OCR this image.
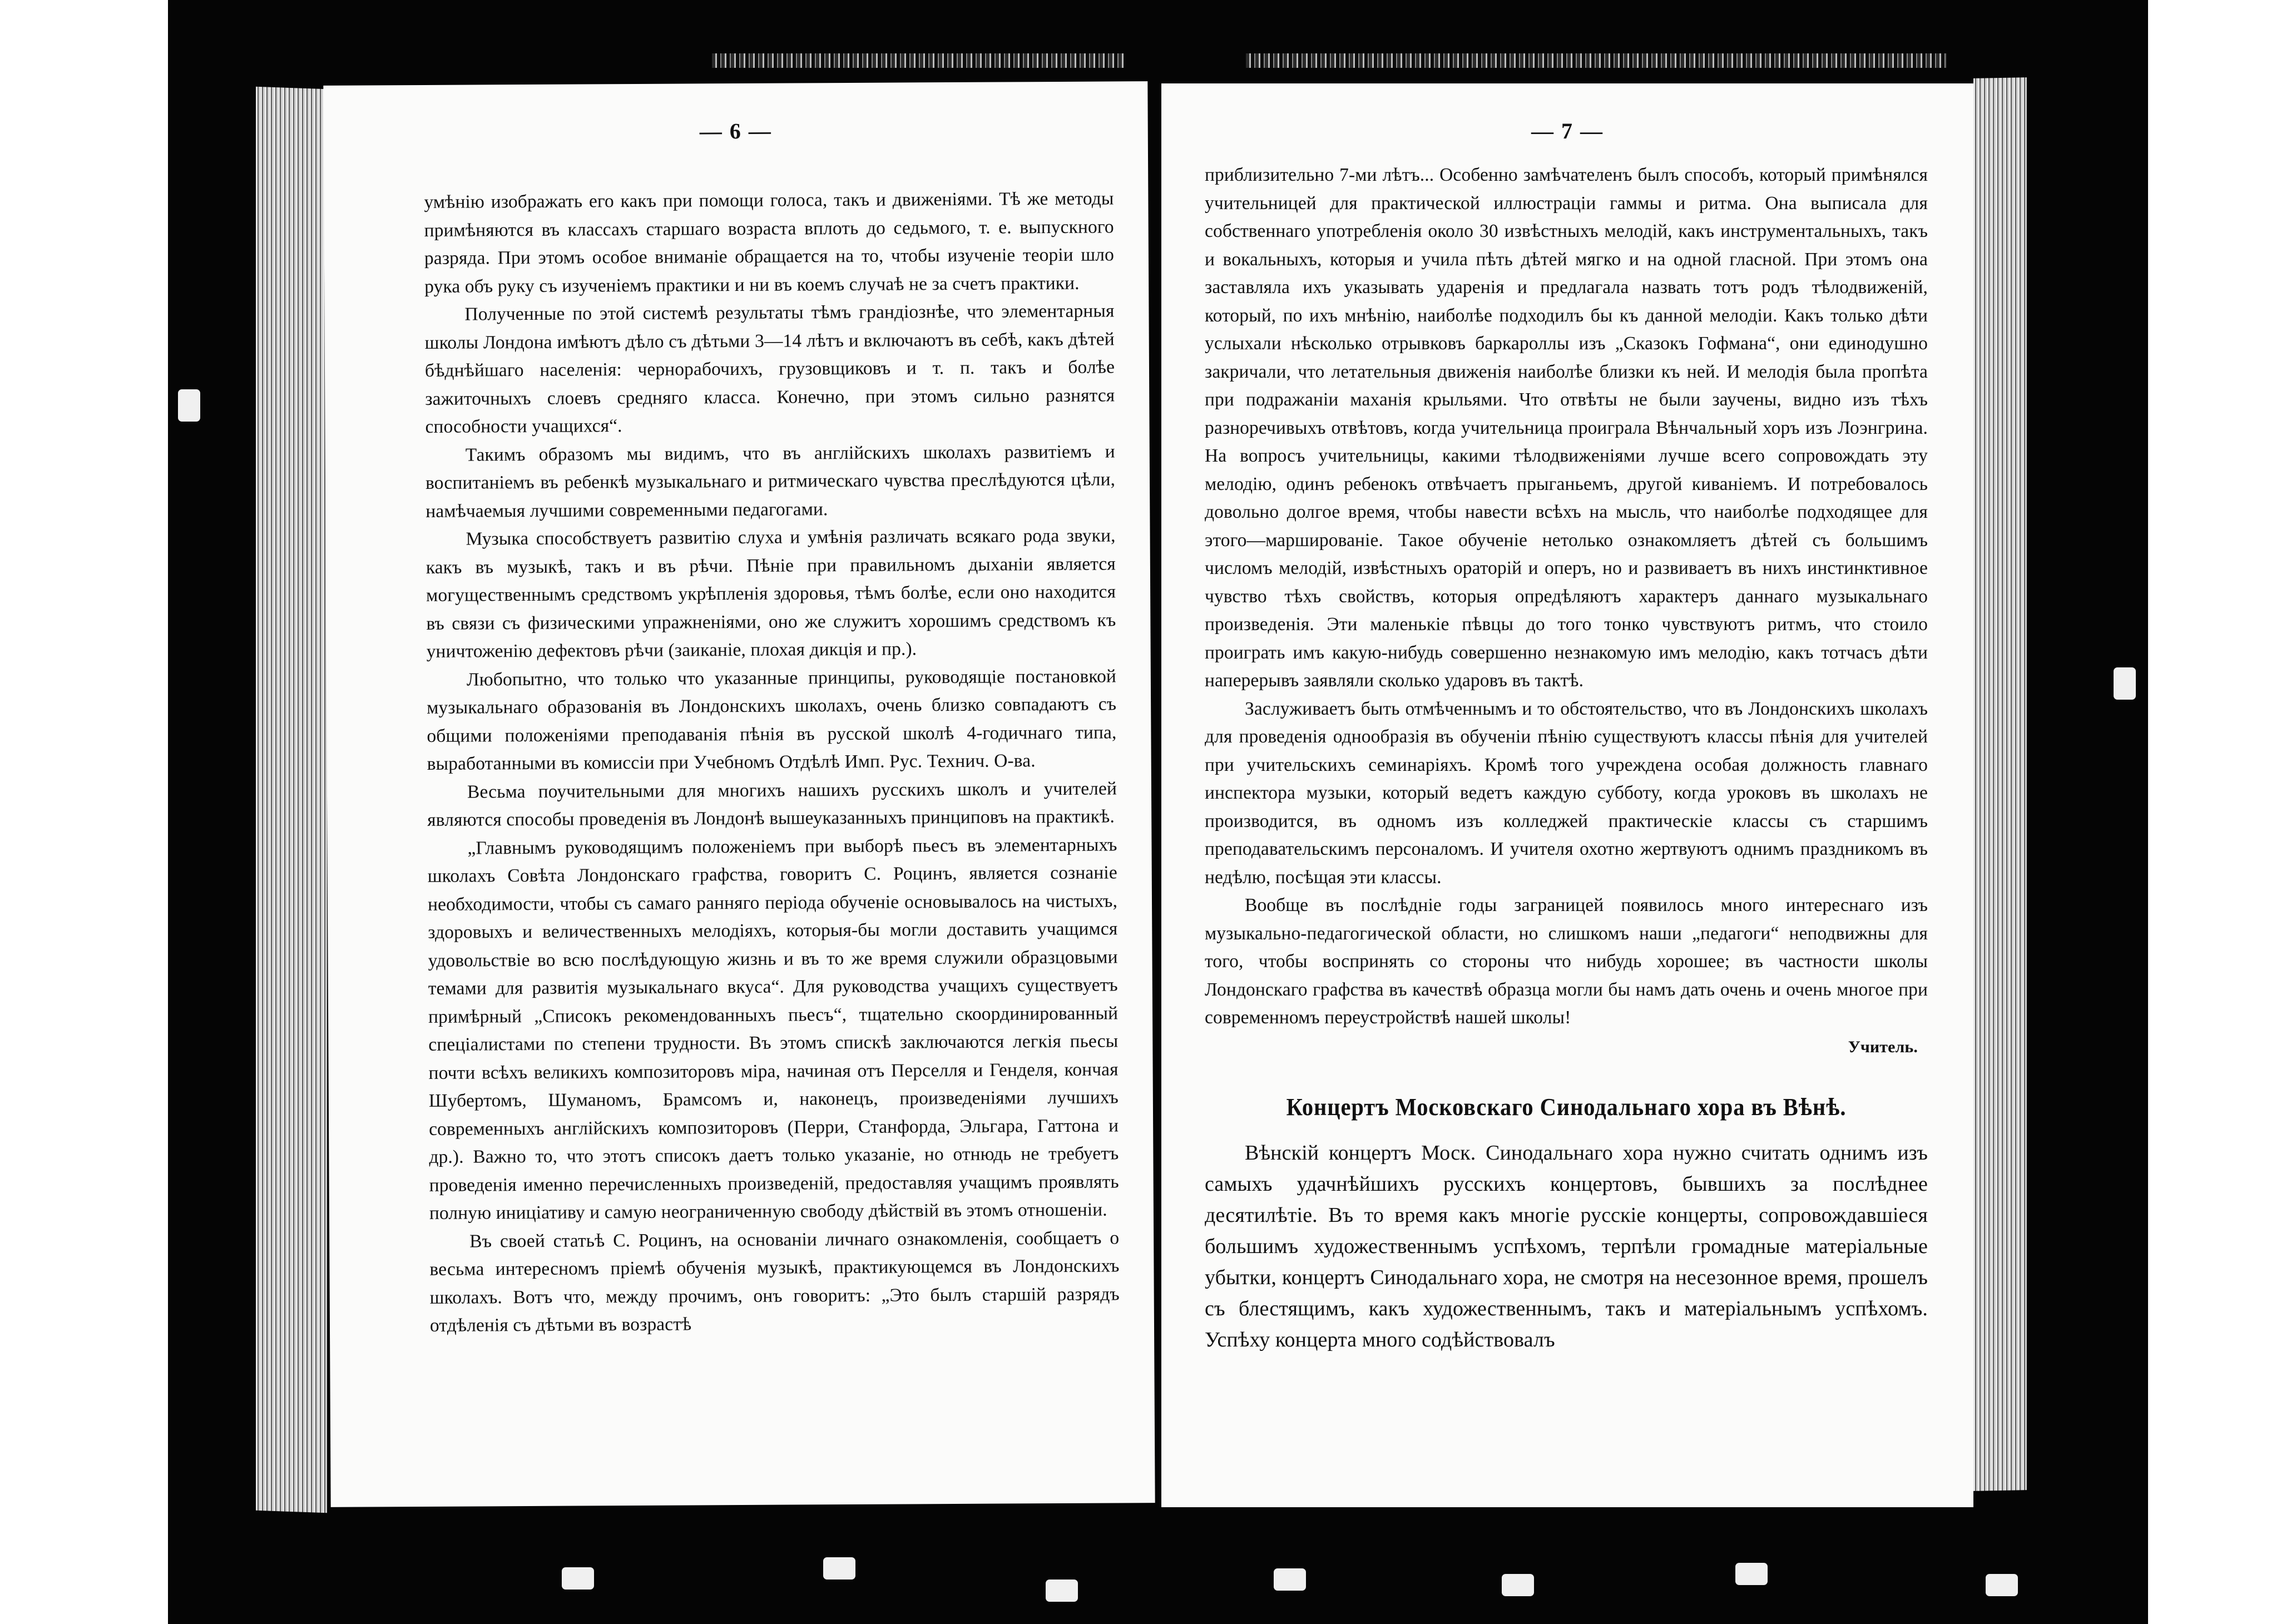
— 6 —

умѣнію изображать его какъ при помощи голоса, такъ и движеніями. Тѣ же методы примѣняются въ классахъ старшаго возраста вплоть до седьмого, т. е. выпускного разряда. При этомъ особое вниманіе обращается на то, чтобы изученіе теоріи шло рука объ руку съ изученіемъ практики и ни въ коемъ случаѣ не за счетъ практики.

Полученные по этой системѣ результаты тѣмъ грандіознѣе, что элементарныя школы Лондона имѣютъ дѣло съ дѣтьми 3—14 лѣтъ и включаютъ въ себѣ, какъ дѣтей бѣднѣйшаго населенія: чернорабочихъ, грузовщиковъ и т. п. такъ и болѣе зажиточныхъ слоевъ средняго класса. Конечно, при этомъ сильно разнятся способности учащихся“.

Такимъ образомъ мы видимъ, что въ англійскихъ школахъ развитіемъ и воспитаніемъ въ ребенкѣ музыкальнаго и ритмическаго чувства преслѣдуются цѣли, намѣчаемыя лучшими современными педагогами.

Музыка способствуетъ развитію слуха и умѣнія различать всякаго рода звуки, какъ въ музыкѣ, такъ и въ рѣчи. Пѣніе при правильномъ дыханіи является могущественнымъ средствомъ укрѣпленія здоровья, тѣмъ болѣе, если оно находится въ связи съ физическими упражненіями, оно же служитъ хорошимъ средствомъ къ уничтоженію дефектовъ рѣчи (заиканіе, плохая дикція и пр.).

Любопытно, что только что указанные принципы, руководящіе постановкой музыкальнаго образованія въ Лондонскихъ школахъ, очень близко совпадаютъ съ общими положеніями преподаванія пѣнія въ русской школѣ 4-годичнаго типа, выработанными въ комиссіи при Учебномъ Отдѣлѣ Имп. Рус. Технич. О-ва.

Весьма поучительными для многихъ нашихъ русскихъ школъ и учителей являются способы проведенія въ Лондонѣ вышеуказанныхъ принциповъ на практикѣ.

„Главнымъ руководящимъ положеніемъ при выборѣ пьесъ въ элементарныхъ школахъ Совѣта Лондонскаго графства, говоритъ С. Роцинъ, является сознаніе необходимости, чтобы съ самаго ранняго періода обученіе основывалось на чистыхъ, здоровыхъ и величественныхъ мелодіяхъ, которыя-бы могли доставить учащимся удовольствіе во всю послѣдующую жизнь и въ то же время служили образцовыми темами для развитія музыкальнаго вкуса“. Для руководства учащихъ существуетъ примѣрный „Списокъ рекомендованныхъ пьесъ“, тщательно скоординированный спеціалистами по степени трудности. Въ этомъ спискѣ заключаются легкія пьесы почти всѣхъ великихъ композиторовъ міра, начиная отъ Перселля и Генделя, кончая Шубертомъ, Шуманомъ, Брамсомъ и, наконецъ, произведеніями лучшихъ современныхъ англійскихъ композиторовъ (Перри, Станфорда, Эльгара, Гаттона и др.). Важно то, что этотъ списокъ даетъ только указаніе, но отнюдь не требуетъ проведенія именно перечисленныхъ произведеній, предоставляя учащимъ проявлять полную иниціативу и самую неограниченную свободу дѣйствій въ этомъ отношеніи.

Въ своей статьѣ С. Роцинъ, на основаніи личнаго ознакомленія, сообщаетъ о весьма интересномъ пріемѣ обученія музыкѣ, практикующемся въ Лондонскихъ школахъ. Вотъ что, между прочимъ, онъ говоритъ: „Это былъ старшій разрядъ отдѣленія съ дѣтьми въ возрастѣ

— 7 —

приблизительно 7-ми лѣтъ... Особенно замѣчателенъ былъ способъ, который примѣнялся учительницей для практической иллюстраціи гаммы и ритма. Она выписала для собственнаго употребленія около 30 извѣстныхъ мелодій, какъ инструментальныхъ, такъ и вокальныхъ, которыя и учила пѣть дѣтей мягко и на одной гласной. При этомъ она заставляла ихъ указывать ударенія и предлагала назвать тотъ родъ тѣлодвиженій, который, по ихъ мнѣнію, наиболѣе подходилъ бы къ данной мелодіи. Какъ только дѣти услыхали нѣсколько отрывковъ баркароллы изъ „Сказокъ Гофмана“, они единодушно закричали, что летательныя движенія наиболѣе близки къ ней. И мелодія была пропѣта при подражаніи маханія крыльями. Что отвѣты не были заучены, видно изъ тѣхъ разноречивыхъ отвѣтовъ, когда учительница проиграла Вѣнчальный хоръ изъ Лоэнгрина. На вопросъ учительницы, какими тѣлодвиженіями лучше всего сопровождать эту мелодію, одинъ ребенокъ отвѣчаетъ прыганьемъ, другой киваніемъ. И потребовалось довольно долгое время, чтобы навести всѣхъ на мысль, что наиболѣе подходящее для этого—маршированіе. Такое обученіе нетолько ознакомляетъ дѣтей съ большимъ числомъ мелодій, извѣстныхъ ораторій и оперъ, но и развиваетъ въ нихъ инстинктивное чувство тѣхъ свойствъ, которыя опредѣляютъ характеръ даннаго музыкальнаго произведенія. Эти маленькіе пѣвцы до того тонко чувствуютъ ритмъ, что стоило проиграть имъ какую-нибудь совершенно незнакомую имъ мелодію, какъ тотчасъ дѣти наперерывъ заявляли сколько ударовъ въ тактѣ.

Заслуживаетъ быть отмѣченнымъ и то обстоятельство, что въ Лондонскихъ школахъ для проведенія однообразія въ обученіи пѣнію существуютъ классы пѣнія для учителей при учительскихъ семинаріяхъ. Кромѣ того учреждена особая должность главнаго инспектора музыки, который ведетъ каждую субботу, когда уроковъ въ школахъ не производится, въ одномъ изъ колледжей практическіе классы съ старшимъ преподавательскимъ персоналомъ. И учителя охотно жертвуютъ однимъ праздникомъ въ недѣлю, посѣщая эти классы.

Вообще въ послѣдніе годы заграницей появилось много интереснаго изъ музыкально-педагогической области, но слишкомъ наши „педагоги“ неподвижны для того, чтобы воспринять со стороны что нибудь хорошее; въ частности школы Лондонскаго графства въ качествѣ образца могли бы намъ дать очень и очень многое при современномъ переустройствѣ нашей школы!

Учитель.
Концертъ Московскаго Синодальнаго хора въ Вѣнѣ.

Вѣнскій концертъ Моск. Синодальнаго хора нужно считать однимъ изъ самыхъ удачнѣйшихъ русскихъ концертовъ, бывшихъ за послѣднее десятилѣтіе. Въ то время какъ многіе русскіе концерты, сопровождавшіеся большимъ художественнымъ успѣхомъ, терпѣли громадные матеріальные убытки, концертъ Синодальнаго хора, не смотря на несезонное время, прошелъ съ блестящимъ, какъ художественнымъ, такъ и матеріальнымъ успѣхомъ. Успѣху концерта много содѣйствовалъ
